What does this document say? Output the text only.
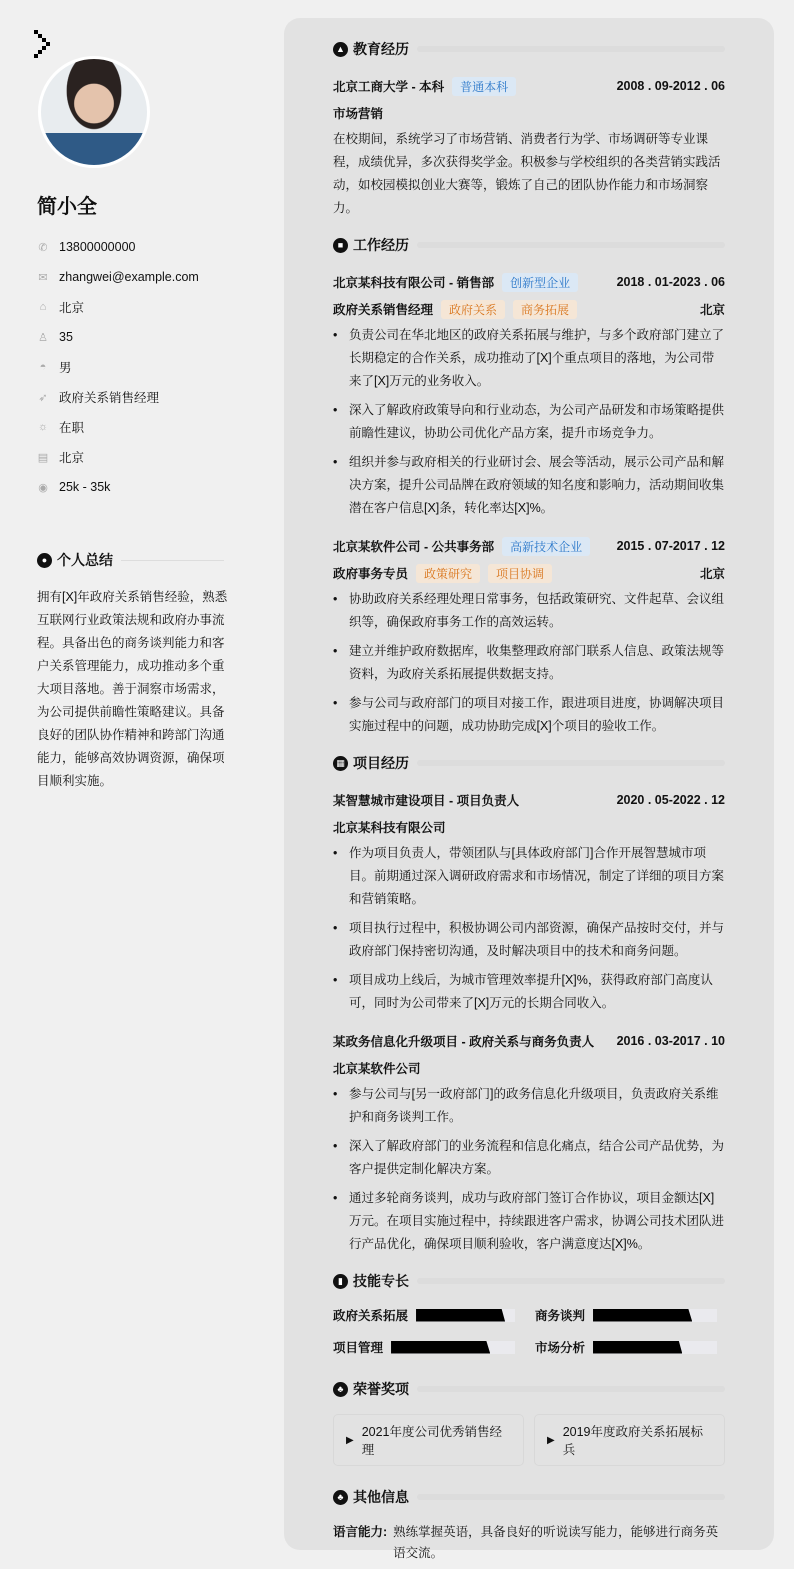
简小全
✆ 13800000000
✉ zhangwei@example.com
⌂ 北京
♙ 35
◓ 男
➶ 政府关系销售经理
☼ 在职
▤ 北京
◉ 25k - 35k
● 个人总结
拥有[X]年政府关系销售经验，熟悉互联网行业政策法规和政府办事流程。具备出色的商务谈判能力和客户关系管理能力，成功推动多个重大项目落地。善于洞察市场需求，为公司提供前瞻性策略建议。具备良好的团队协作精神和跨部门沟通能力，能够高效协调资源，确保项目顺利实施。
▲ 教育经历
北京工商大学 - 本科	普通本科	2008 . 09-2012 . 06
市场营销
在校期间，系统学习了市场营销、消费者行为学、市场调研等专业课程，成绩优异，多次获得奖学金。积极参与学校组织的各类营销实践活动，如校园模拟创业大赛等，锻炼了自己的团队协作能力和市场洞察力。
■ 工作经历
北京某科技有限公司 - 销售部	创新型企业	2018 . 01-2023 . 06
政府关系销售经理	政府关系	商务拓展	北京
• 负责公司在华北地区的政府关系拓展与维护，与多个政府部门建立了长期稳定的合作关系，成功推动了[X]个重点项目的落地，为公司带来了[X]万元的业务收入。
• 深入了解政府政策导向和行业动态，为公司产品研发和市场策略提供前瞻性建议，协助公司优化产品方案，提升市场竞争力。
• 组织并参与政府相关的行业研讨会、展会等活动，展示公司产品和解决方案，提升公司品牌在政府领域的知名度和影响力，活动期间收集潜在客户信息[X]条，转化率达[X]%。
北京某软件公司 - 公共事务部	高新技术企业	2015 . 07-2017 . 12
政府事务专员	政策研究	项目协调	北京
• 协助政府关系经理处理日常事务，包括政策研究、文件起草、会议组织等，确保政府事务工作的高效运转。
• 建立并维护政府数据库，收集整理政府部门联系人信息、政策法规等资料，为政府关系拓展提供数据支持。
• 参与公司与政府部门的项目对接工作，跟进项目进度，协调解决项目实施过程中的问题，成功协助完成[X]个项目的验收工作。
▦ 项目经历
某智慧城市建设项目 - 项目负责人	2020 . 05-2022 . 12
北京某科技有限公司
• 作为项目负责人，带领团队与[具体政府部门]合作开展智慧城市项目。前期通过深入调研政府需求和市场情况，制定了详细的项目方案和营销策略。
• 项目执行过程中，积极协调公司内部资源，确保产品按时交付，并与政府部门保持密切沟通，及时解决项目中的技术和商务问题。
• 项目成功上线后，为城市管理效率提升[X]%，获得政府部门高度认可，同时为公司带来了[X]万元的长期合同收入。
某政务信息化升级项目 - 政府关系与商务负责人 2016 . 03-2017 . 10
北京某软件公司
• 参与公司与[另一政府部门]的政务信息化升级项目，负责政府关系维护和商务谈判工作。
• 深入了解政府部门的业务流程和信息化痛点，结合公司产品优势，为客户提供定制化解决方案。
• 通过多轮商务谈判，成功与政府部门签订合作协议，项目金额达[X]万元。在项目实施过程中，持续跟进客户需求，协调公司技术团队进行产品优化，确保项目顺利验收，客户满意度达[X]%。
▮ 技能专长
政府关系拓展	商务谈判
项目管理	市场分析
♣ 荣誉奖项
▶
2021年度公司优秀销售经理
▶
2019年度政府关系拓展标兵
♣ 其他信息
语言能力: 熟练掌握英语，具备良好的听说读写能力，能够进行商务英语交流。
